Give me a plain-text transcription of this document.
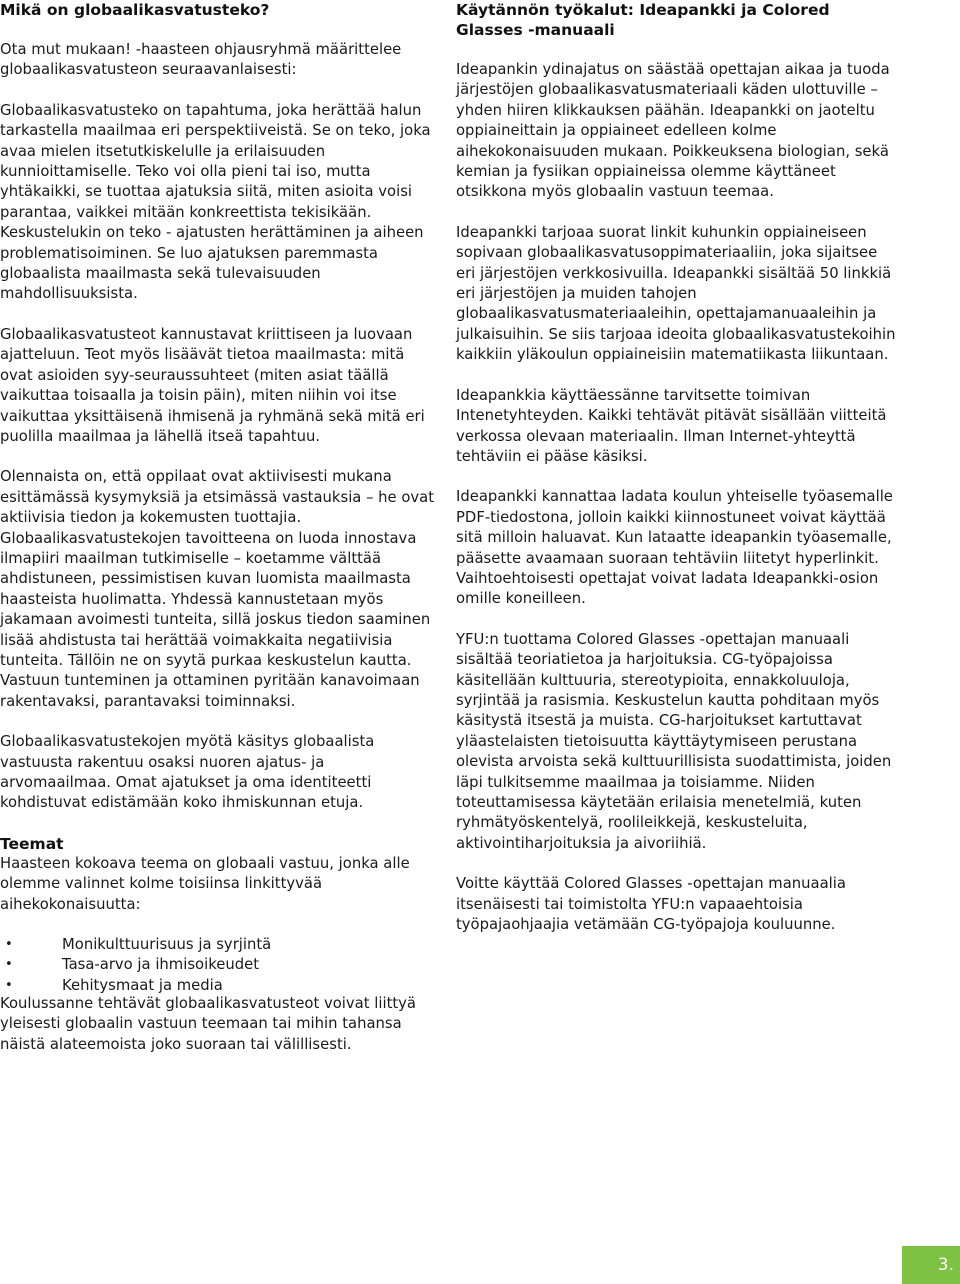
Mikä on globaalikasvatusteko?

Ota mut mukaan! -haasteen ohjausryhmä määrittelee globaalikasvatusteon seuraavanlaisesti:

Globaalikasvatusteko on tapahtuma, joka herättää halun tarkastella maailmaa eri perspektiiveistä. Se on teko, joka avaa mielen itsetutkiskelulle ja erilaisuuden kunnioittamiselle. Teko voi olla pieni tai iso, mutta yhtäkaikki, se tuottaa ajatuksia siitä, miten asioita voisi parantaa, vaikkei mitään konkreettista tekisikään. Keskustelukin on teko - ajatusten herättäminen ja aiheen problematisoiminen. Se luo ajatuksen paremmasta globaalista maailmasta sekä tulevaisuuden mahdollisuuksista.

Globaalikasvatusteot kannustavat kriittiseen ja luovaan ajatteluun. Teot myös lisäävät tietoa maailmasta: mitä ovat asioiden syy-seuraussuhteet (miten asiat täällä vaikuttaa toisaalla ja toisin päin), miten niihin voi itse vaikuttaa yksittäisenä ihmisenä ja ryhmänä sekä mitä eri puolilla maailmaa ja lähellä itseä tapahtuu.

Olennaista on, että oppilaat ovat aktiivisesti mukana esittämässä kysymyksiä ja etsimässä vastauksia – he ovat aktiivisia tiedon ja kokemusten tuottajia. Globaalikasvatustekojen tavoitteena on luoda innostava ilmapiiri maailman tutkimiselle – koetamme välttää ahdistuneen, pessimistisen kuvan luomista maailmasta haasteista huolimatta. Yhdessä kannustetaan myös jakamaan avoimesti tunteita, sillä joskus tiedon saaminen lisää ahdistusta tai herättää voimakkaita negatiivisia tunteita. Tällöin ne on syytä purkaa keskustelun kautta. Vastuun tunteminen ja ottaminen pyritään kanavoimaan rakentavaksi, parantavaksi toiminnaksi.

Globaalikasvatustekojen myötä käsitys globaalista vastuusta rakentuu osaksi nuoren ajatus- ja arvomaailmaa. Omat ajatukset ja oma identiteetti kohdistuvat edistämään koko ihmiskunnan etuja.

Teemat

Haasteen kokoava teema on globaali vastuu, jonka alle olemme valinnet kolme toisiinsa linkittyvää aihekokonaisuutta:

•	Monikulttuurisuus ja syrjintä
•	Tasa-arvo ja ihmisoikeudet
•	Kehitysmaat ja media
Käytännön työkalut: Ideapankki ja Colored Glasses -manuaali

Ideapankin ydinajatus on säästää opettajan aikaa ja tuoda järjestöjen globaalikasvatusmateriaali käden ulottuville – yhden hiiren klikkauksen päähän. Ideapankki on jaoteltu oppiaineittain ja oppiaineet edelleen kolme aihekokonaisuuden mukaan. Poikkeuksena biologian, sekä kemian ja fysiikan oppiaineissa olemme käyttäneet otsikkona myös globaalin vastuun teemaa.

Ideapankki tarjoaa suorat linkit kuhunkin oppiaineiseen sopivaan globaalikasvatusoppimateriaaliin, joka sijaitsee eri järjestöjen verkkosivuilla. Ideapankki sisältää 50 linkkiä eri järjestöjen ja muiden tahojen globaalikasvatusmateriaaleihin, opettajamanuaaleihin ja julkaisuihin. Se siis tarjoaa ideoita globaalikasvatustekoihin kaikkiin yläkoulun oppiaineisiin matematiikasta liikuntaan.

Ideapankkia käyttäessänne tarvitsette toimivan Intenetyhteyden. Kaikki tehtävät pitävät sisällään viitteitä verkossa olevaan materiaalin. Ilman Internet-yhteyttä tehtäviin ei pääse käsiksi.

Ideapankki kannattaa ladata koulun yhteiselle työasemalle PDF-tiedostona, jolloin kaikki kiinnostuneet voivat käyttää sitä milloin haluavat. Kun lataatte ideapankin työasemalle, pääsette avaamaan suoraan tehtäviin liitetyt hyperlinkit. Vaihtoehtoisesti opettajat voivat ladata Ideapankki-osion omille koneilleen.

YFU:n tuottama Colored Glasses -opettajan manuaali sisältää teoriatietoa ja harjoituksia. CG-työpajoissa käsitellään kulttuuria, stereotypioita, ennakkoluuloja, syrjintää ja rasismia. Keskustelun kautta pohditaan myös käsitystä itsestä ja muista. CG-harjoitukset kartuttavat yläastelaisten tietoisuutta käyttäytymiseen perustana olevista arvoista sekä kulttuurillisista suodattimista, joiden läpi tulkitsemme maailmaa ja toisiamme. Niiden toteuttamisessa käytetään erilaisia menetelmiä, kuten ryhmätyöskentelyä, roolileikkejä, keskusteluita, aktivointiharjoituksia ja aivoriihiä.

Voitte käyttää Colored Glasses -opettajan manuaalia itsenäisesti tai toimistolta YFU:n vapaaehtoisia työpajaohjaajia vetämään CG-työpajoja kouluunne.

Koulussanne tehtävät globaalikasvatusteot voivat liittyä yleisesti globaalin vastuun teemaan tai mihin tahansa näistä alateemoista joko suoraan tai välillisesti.

3.
